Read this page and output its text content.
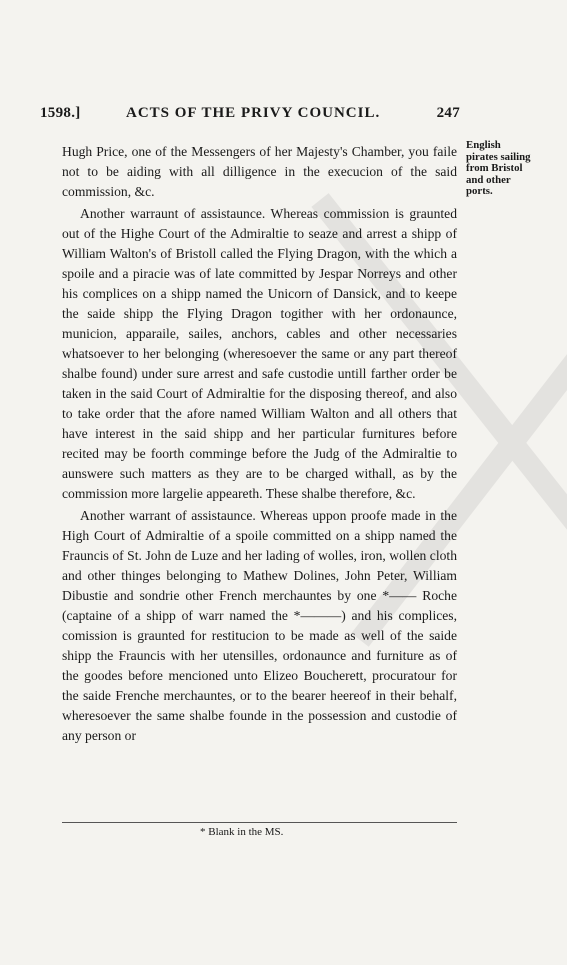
1598.]	ACTS OF THE PRIVY COUNCIL.	247

Hugh Price, one of the Messengers of her Majesty's Chamber, you faile not to be aiding with all dilligence in the execucion of the said commission, &c.

Another warraunt of assistaunce. Whereas commission is graunted out of the Highe Court of the Admiraltie to seaze and arrest a shipp of William Walton's of Bristoll called the Flying Dragon, with the which a spoile and a piracie was of late committed by Jespar Norreys and other his complices on a shipp named the Unicorn of Dansick, and to keepe the saide shipp the Flying Dragon togither with her ordonaunce, municion, apparaile, sailes, anchors, cables and other necessaries whatsoever to her belonging (wheresoever the same or any part thereof shalbe found) under sure arrest and safe custodie untill farther order be taken in the said Court of Admiraltie for the disposing thereof, and also to take order that the afore named William Walton and all others that have interest in the said shipp and her particular furnitures before recited may be foorth comminge before the Judg of the Admiraltie to aunswere such matters as they are to be charged withall, as by the commission more largelie appeareth. These shalbe therefore, &c.

Another warrant of assistaunce. Whereas uppon proofe made in the High Court of Admiraltie of a spoile committed on a shipp named the Frauncis of St. John de Luze and her lading of wolles, iron, wollen cloth and other thinges belonging to Mathew Dolines, John Peter, William Dibustie and sondrie other French merchauntes by one *—— Roche (captaine of a shipp of warr named the *———) and his complices, comission is graunted for restitucion to be made as well of the saide shipp the Frauncis with her utensilles, ordonaunce and furniture as of the goodes before mencioned unto Elizeo Boucherett, procuratour for the saide Frenche merchauntes, or to the bearer heereof in their behalf, wheresoever the same shalbe founde in the possession and custodie of any person or

English
pirates sailing
from Bristol
and other
ports.
* Blank in the MS.
